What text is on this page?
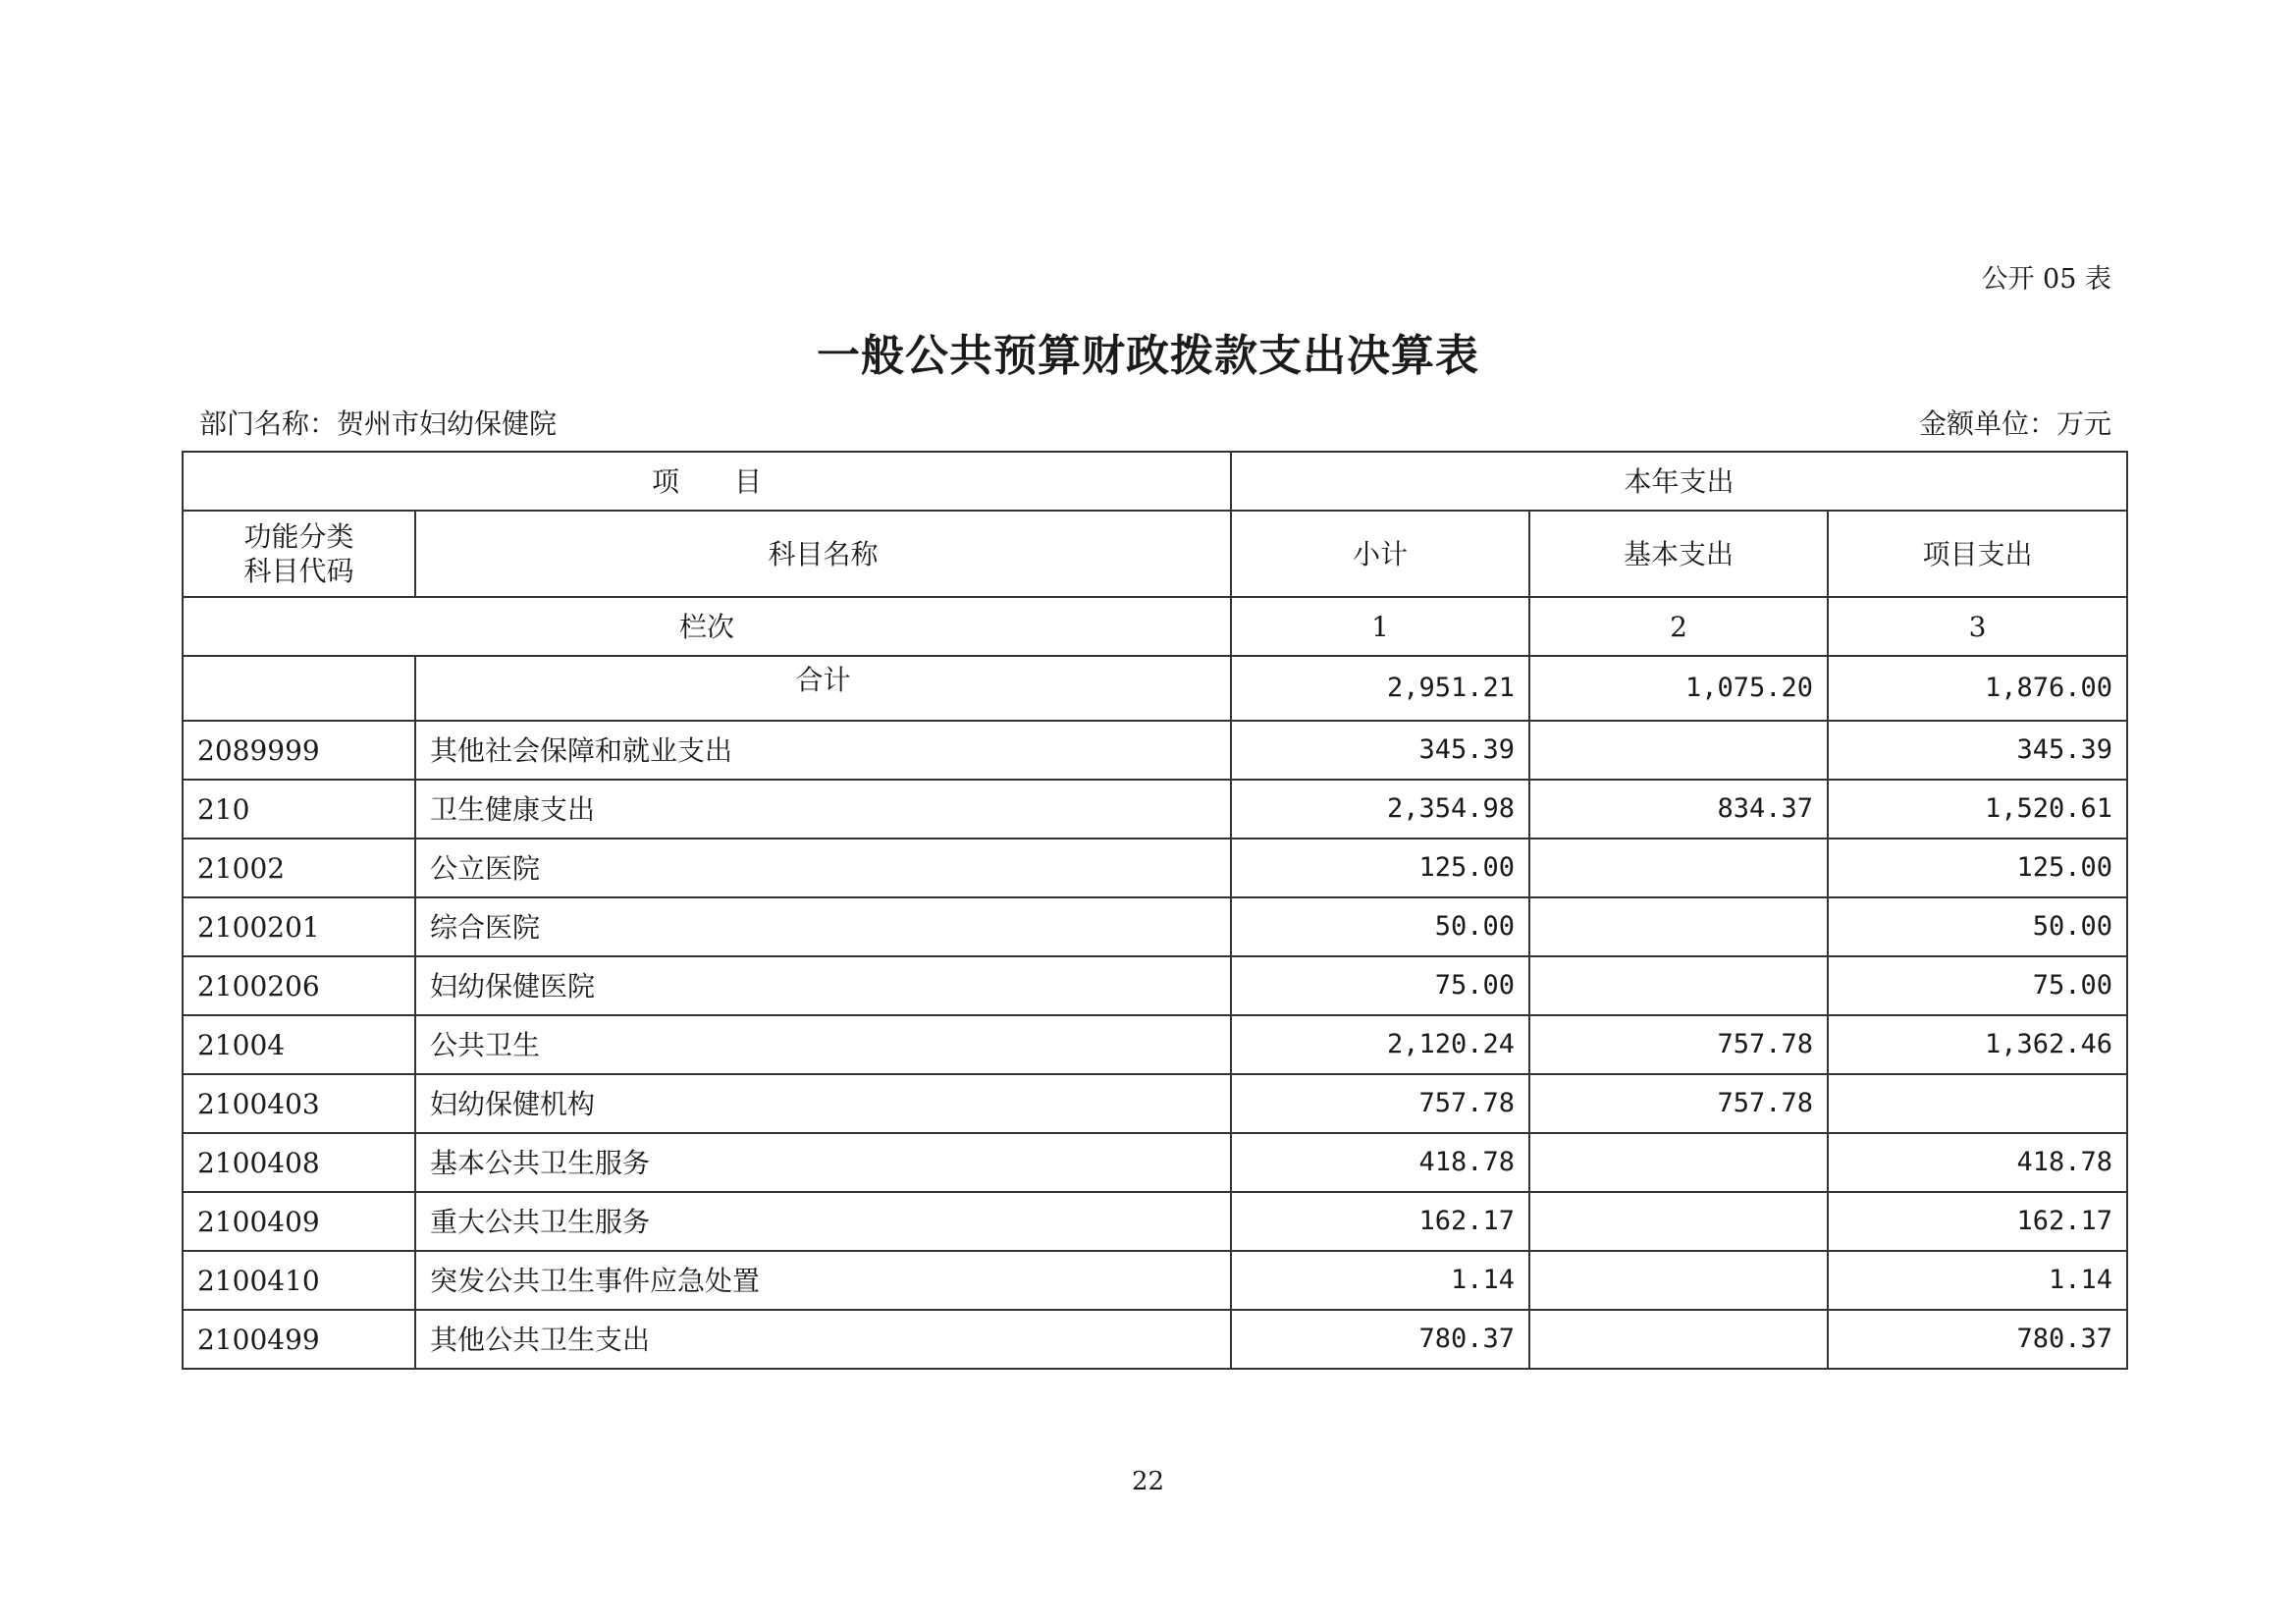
公开 05 表
一般公共预算财政拨款支出决算表
部门名称：贺州市妇幼保健院	金额单位：万元
项　　目		本年支出		
功能分类
科目代码	科目名称	小计	基本支出	项目支出
栏次		1	2	3
	合计	2,951.21	1,075.20	1,876.00
2089999	其他社会保障和就业支出	345.39		345.39
210	卫生健康支出	2,354.98	834.37	1,520.61
21002	公立医院	125.00		125.00
2100201	综合医院	50.00		50.00
2100206	妇幼保健医院	75.00		75.00
21004	公共卫生	2,120.24	757.78	1,362.46
2100403	妇幼保健机构	757.78	757.78	
2100408	基本公共卫生服务	418.78		418.78
2100409	重大公共卫生服务	162.17		162.17
2100410	突发公共卫生事件应急处置	1.14		1.14
2100499	其他公共卫生支出	780.37		780.37
22
